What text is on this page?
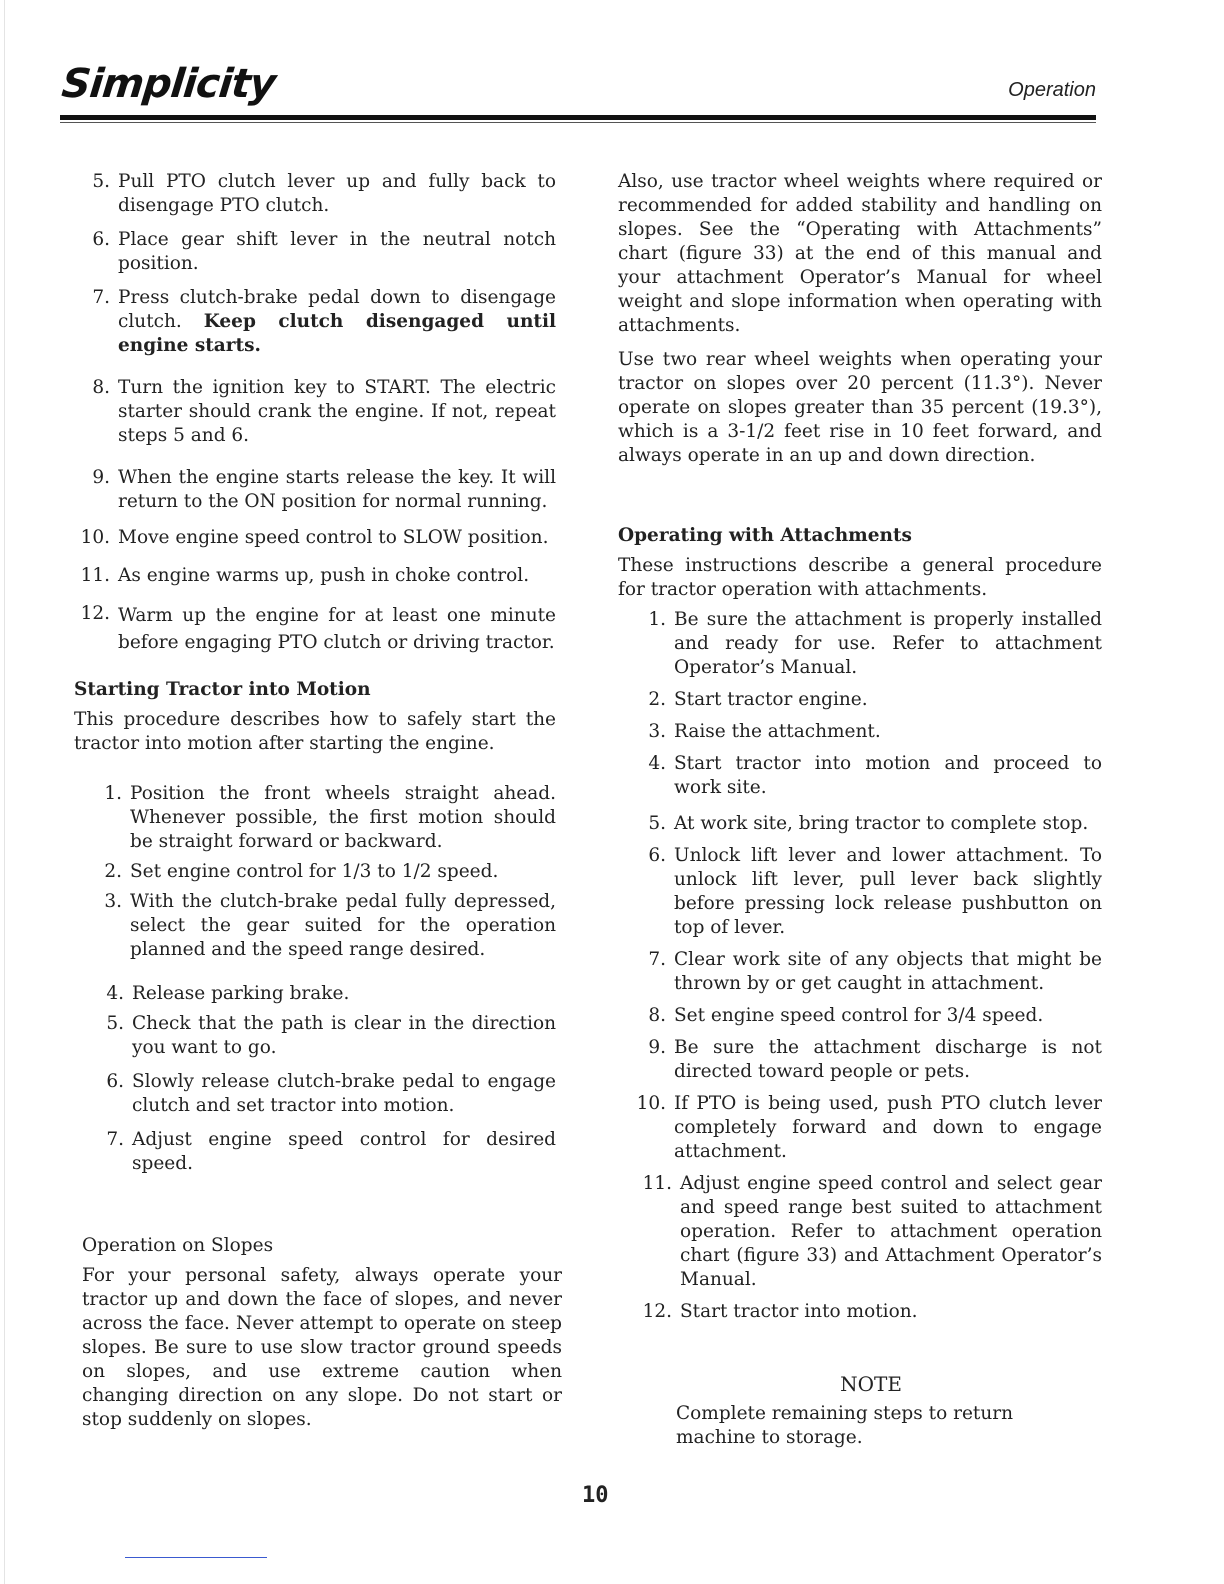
Simplicity	Operation
5. Pull PTO clutch lever up and fully back to disengage PTO clutch.
6. Place gear shift lever in the neutral notch position.
7. Press clutch-brake pedal down to disengage clutch. Keep clutch disengaged until engine starts.
8. Turn the ignition key to START. The electric starter should crank the engine. If not, repeat steps 5 and 6.
9. When the engine starts release the key. It will return to the ON position for normal running.
10. Move engine speed control to SLOW position.
11. As engine warms up, push in choke control.
12. Warm up the engine for at least one minute before engaging PTO clutch or driving tractor.
Starting Tractor into Motion

This procedure describes how to safely start the tractor into motion after starting the engine.

1. Position the front wheels straight ahead. Whenever possible, the first motion should be straight forward or backward.
2. Set engine control for 1/3 to 1/2 speed.
3. With the clutch-brake pedal fully depressed, select the gear suited for the operation planned and the speed range desired.
4. Release parking brake.
5. Check that the path is clear in the direction you want to go.
6. Slowly release clutch-brake pedal to engage clutch and set tractor into motion.
7. Adjust engine speed control for desired speed.
Operation on Slopes

For your personal safety, always operate your tractor up and down the face of slopes, and never across the face. Never attempt to operate on steep slopes. Be sure to use slow tractor ground speeds on slopes, and use extreme caution when changing direction on any slope. Do not start or stop suddenly on slopes.

Also, use tractor wheel weights where required or recommended for added stability and handling on slopes. See the “Operating with Attachments” chart (figure 33) at the end of this manual and your attachment Operator’s Manual for wheel weight and slope information when operating with attachments.

Use two rear wheel weights when operating your tractor on slopes over 20 percent (11.3°). Never operate on slopes greater than 35 percent (19.3°), which is a 3-1/2 feet rise in 10 feet forward, and always operate in an up and down direction.

Operating with Attachments

These instructions describe a general procedure for tractor operation with attachments.

1. Be sure the attachment is properly installed and ready for use. Refer to attachment Operator’s Manual.
2. Start tractor engine.
3. Raise the attachment.
4. Start tractor into motion and proceed to work site.
5. At work site, bring tractor to complete stop.
6. Unlock lift lever and lower attachment. To unlock lift lever, pull lever back slightly before pressing lock release pushbutton on top of lever.
7. Clear work site of any objects that might be thrown by or get caught in attachment.
8. Set engine speed control for 3/4 speed.
9. Be sure the attachment discharge is not directed toward people or pets.
10. If PTO is being used, push PTO clutch lever completely forward and down to engage attachment.
11. Adjust engine speed control and select gear and speed range best suited to attachment operation. Refer to attachment operation chart (figure 33) and Attachment Operator’s Manual.
12. Start tractor into motion.
NOTE
Complete remaining steps to return machine to storage.
10
